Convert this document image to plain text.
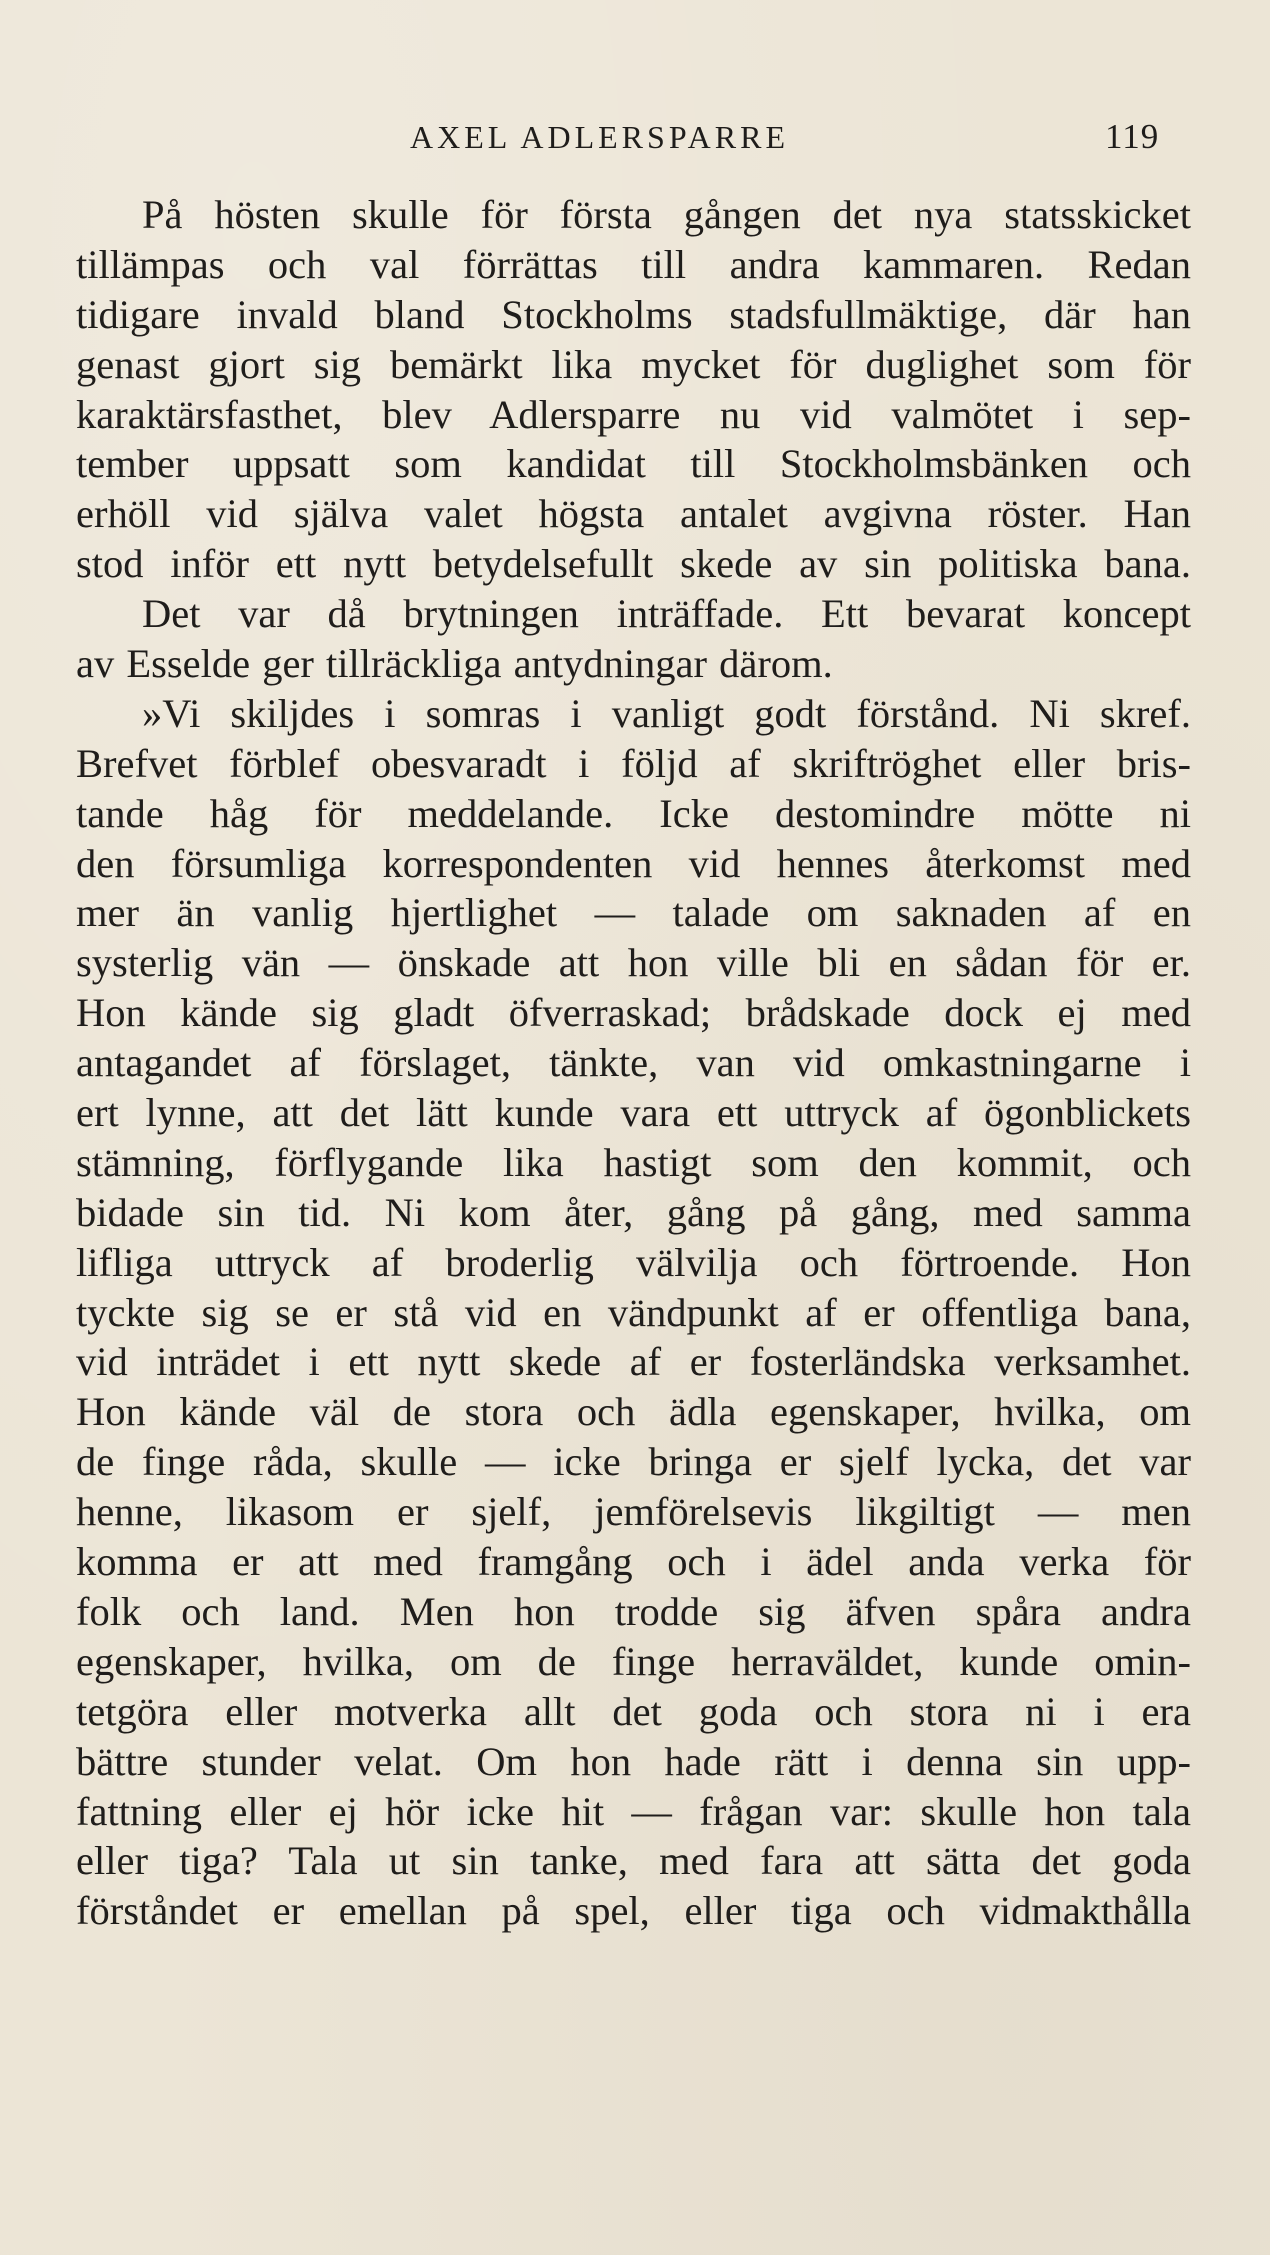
AXEL ADLERSPARRE	119
På hösten skulle för första gången det nya statsskicket
tillämpas och val förrättas till andra kammaren. Redan
tidigare invald bland Stockholms stadsfullmäktige, där han
genast gjort sig bemärkt lika mycket för duglighet som för
karaktärsfasthet, blev Adlersparre nu vid valmötet i sep-
tember uppsatt som kandidat till Stockholmsbänken och
erhöll vid själva valet högsta antalet avgivna röster. Han
stod inför ett nytt betydelsefullt skede av sin politiska bana.
Det var då brytningen inträffade. Ett bevarat koncept
av Esselde ger tillräckliga antydningar därom.
»Vi skiljdes i somras i vanligt godt förstånd. Ni skref.
Brefvet förblef obesvaradt i följd af skriftröghet eller bris-
tande håg för meddelande. Icke destomindre mötte ni
den försumliga korrespondenten vid hennes återkomst med
mer än vanlig hjertlighet — talade om saknaden af en
systerlig vän — önskade att hon ville bli en sådan för er.
Hon kände sig gladt öfverraskad; brådskade dock ej med
antagandet af förslaget, tänkte, van vid omkastningarne i
ert lynne, att det lätt kunde vara ett uttryck af ögonblickets
stämning, förflygande lika hastigt som den kommit, och
bidade sin tid. Ni kom åter, gång på gång, med samma
lifliga uttryck af broderlig välvilja och förtroende. Hon
tyckte sig se er stå vid en vändpunkt af er offentliga bana,
vid inträdet i ett nytt skede af er fosterländska verksamhet.
Hon kände väl de stora och ädla egenskaper, hvilka, om
de finge råda, skulle — icke bringa er sjelf lycka, det var
henne, likasom er sjelf, jemförelsevis likgiltigt — men
komma er att med framgång och i ädel anda verka för
folk och land. Men hon trodde sig äfven spåra andra
egenskaper, hvilka, om de finge herraväldet, kunde omin-
tetgöra eller motverka allt det goda och stora ni i era
bättre stunder velat. Om hon hade rätt i denna sin upp-
fattning eller ej hör icke hit — frågan var: skulle hon tala
eller tiga? Tala ut sin tanke, med fara att sätta det goda
förståndet er emellan på spel, eller tiga och vidmakthålla
